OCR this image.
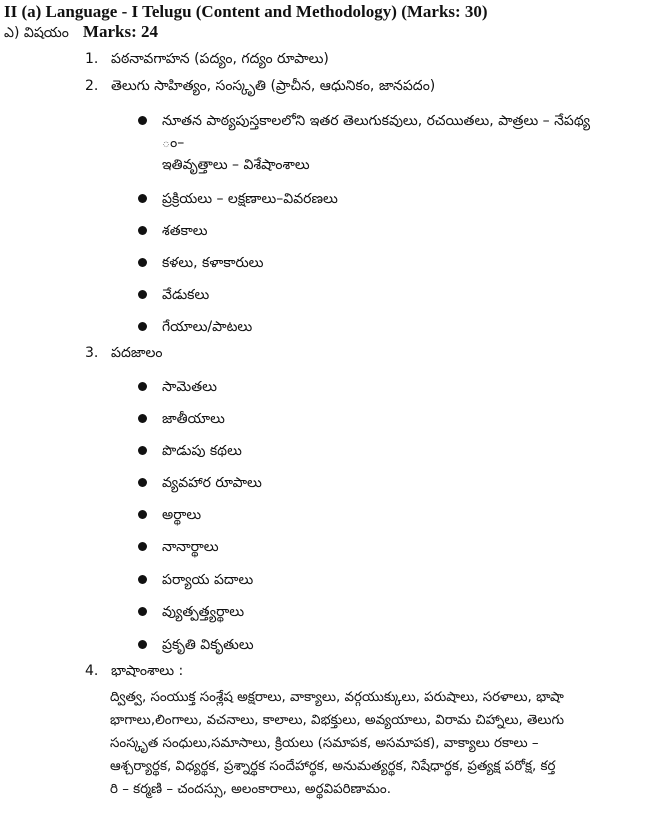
II (a) Language - I Telugu (Content and Methodology) (Marks: 30)
ఎ) విషయం Marks: 24
1. పఠనావగాహన (పద్యం, గద్యం రూపాలు)
2. తెలుగు సాహిత్యం, సంస్కృతి (ప్రాచీన, ఆధునికం, జానపదం)
నూతన పాఠ్యపుస్తకాలలోని ఇతర తెలుగుకవులు, రచయితలు, పాత్రలు – నేపథ్య
ం–
ఇతివృత్తాలు – విశేషాంశాలు
ప్రక్రియలు – లక్షణాలు–వివరణలు
శతకాలు
కళలు, కళాకారులు
వేడుకలు
గేయాలు/పాటలు
3. పదజాలం
సామెతలు
జాతీయాలు
పొడుపు కథలు
వ్యవహార రూపాలు
అర్థాలు
నానార్థాలు
పర్యాయ పదాలు
వ్యుత్పత్త్యర్థాలు
ప్రకృతి వికృతులు
4. భాషాంశాలు :
ద్విత్వ, సంయుక్త సంశ్లేష అక్షరాలు, వాక్యాలు, వర్గయుక్కులు, పరుషాలు, సరళాలు, భాషా
భాగాలు,లింగాలు, వచనాలు, కాలాలు, విభక్తులు, అవ్యయాలు, విరామ చిహ్నాలు, తెలుగు
సంస్కృత సంధులు,సమాసాలు, క్రియలు (సమాపక, అసమాపక), వాక్యాలు రకాలు –
ఆశ్చర్యార్థక, విధ్యర్థక, ప్రశ్నార్థక సందేహార్థక, అనుమత్యర్థక, నిషేధార్థక, ప్రత్యక్ష పరోక్ష, కర్త
రి – కర్మణి – చందస్సు, అలంకారాలు, అర్థవిపరిణామం.
